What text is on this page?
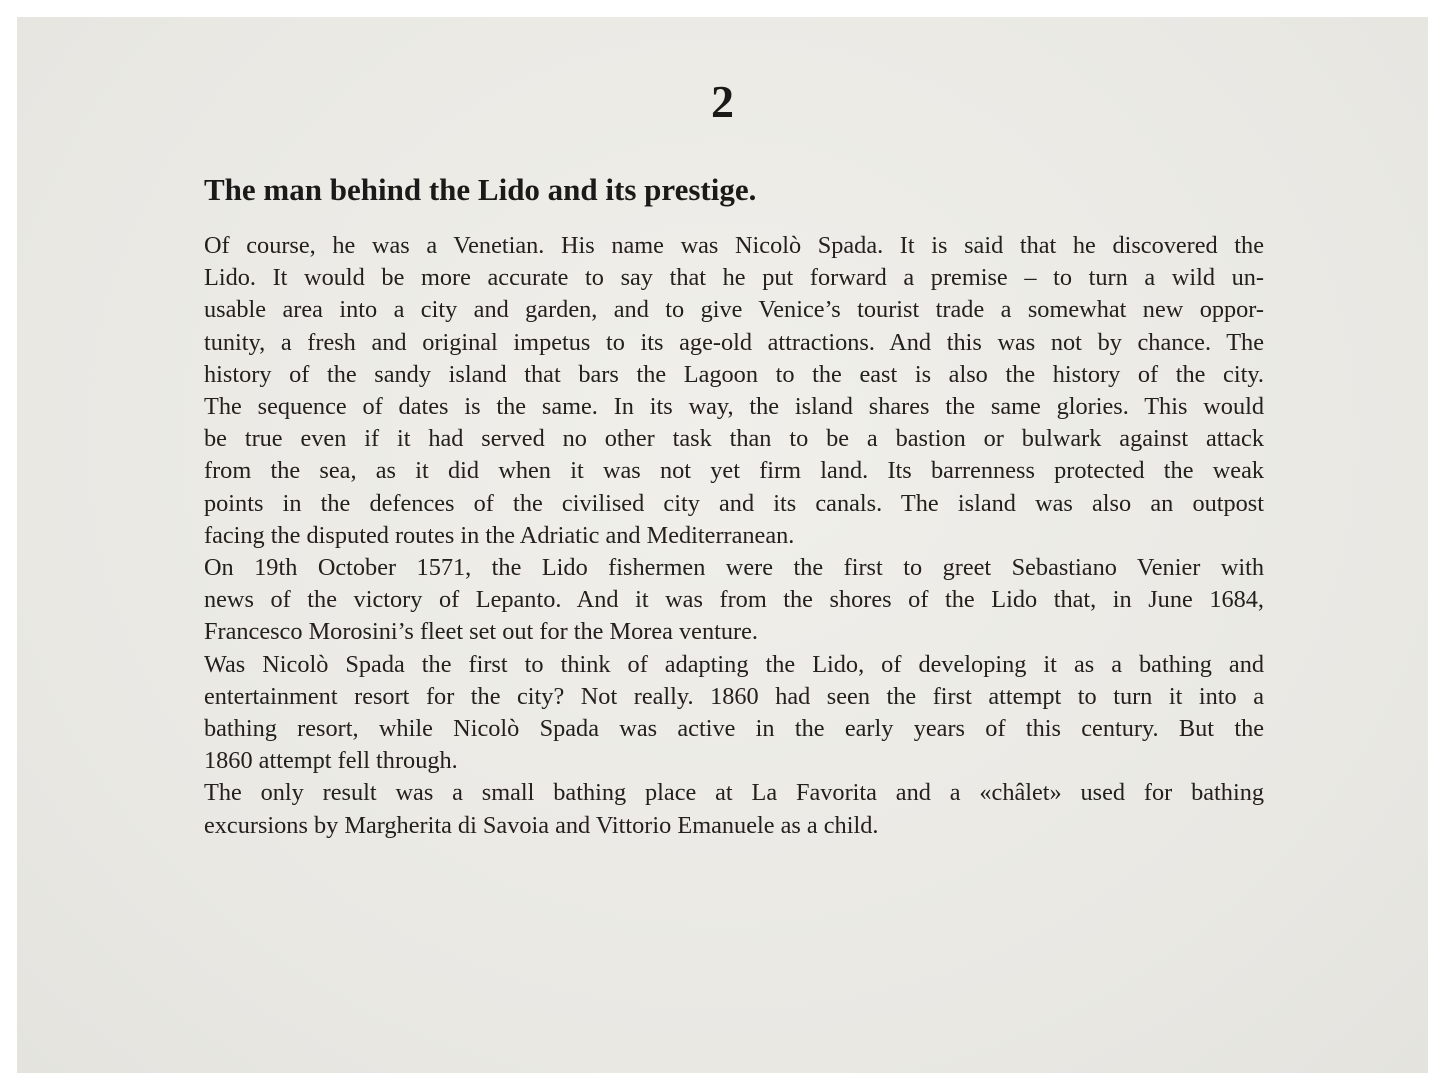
2
The man behind the Lido and its prestige.
Of course, he was a Venetian. His name was Nicolò Spada. It is said that he discovered the
Lido. It would be more accurate to say that he put forward a premise – to turn a wild un-
usable area into a city and garden, and to give Venice’s tourist trade a somewhat new oppor-
tunity, a fresh and original impetus to its age-old attractions. And this was not by chance. The
history of the sandy island that bars the Lagoon to the east is also the history of the city.
The sequence of dates is the same. In its way, the island shares the same glories. This would
be true even if it had served no other task than to be a bastion or bulwark against attack
from the sea, as it did when it was not yet firm land. Its barrenness protected the weak
points in the defences of the civilised city and its canals. The island was also an outpost
facing the disputed routes in the Adriatic and Mediterranean.
On 19th October 1571, the Lido fishermen were the first to greet Sebastiano Venier with
news of the victory of Lepanto. And it was from the shores of the Lido that, in June 1684,
Francesco Morosini’s fleet set out for the Morea venture.
Was Nicolò Spada the first to think of adapting the Lido, of developing it as a bathing and
entertainment resort for the city? Not really. 1860 had seen the first attempt to turn it into a
bathing resort, while Nicolò Spada was active in the early years of this century. But the
1860 attempt fell through.
The only result was a small bathing place at La Favorita and a «châlet» used for bathing
excursions by Margherita di Savoia and Vittorio Emanuele as a child.
